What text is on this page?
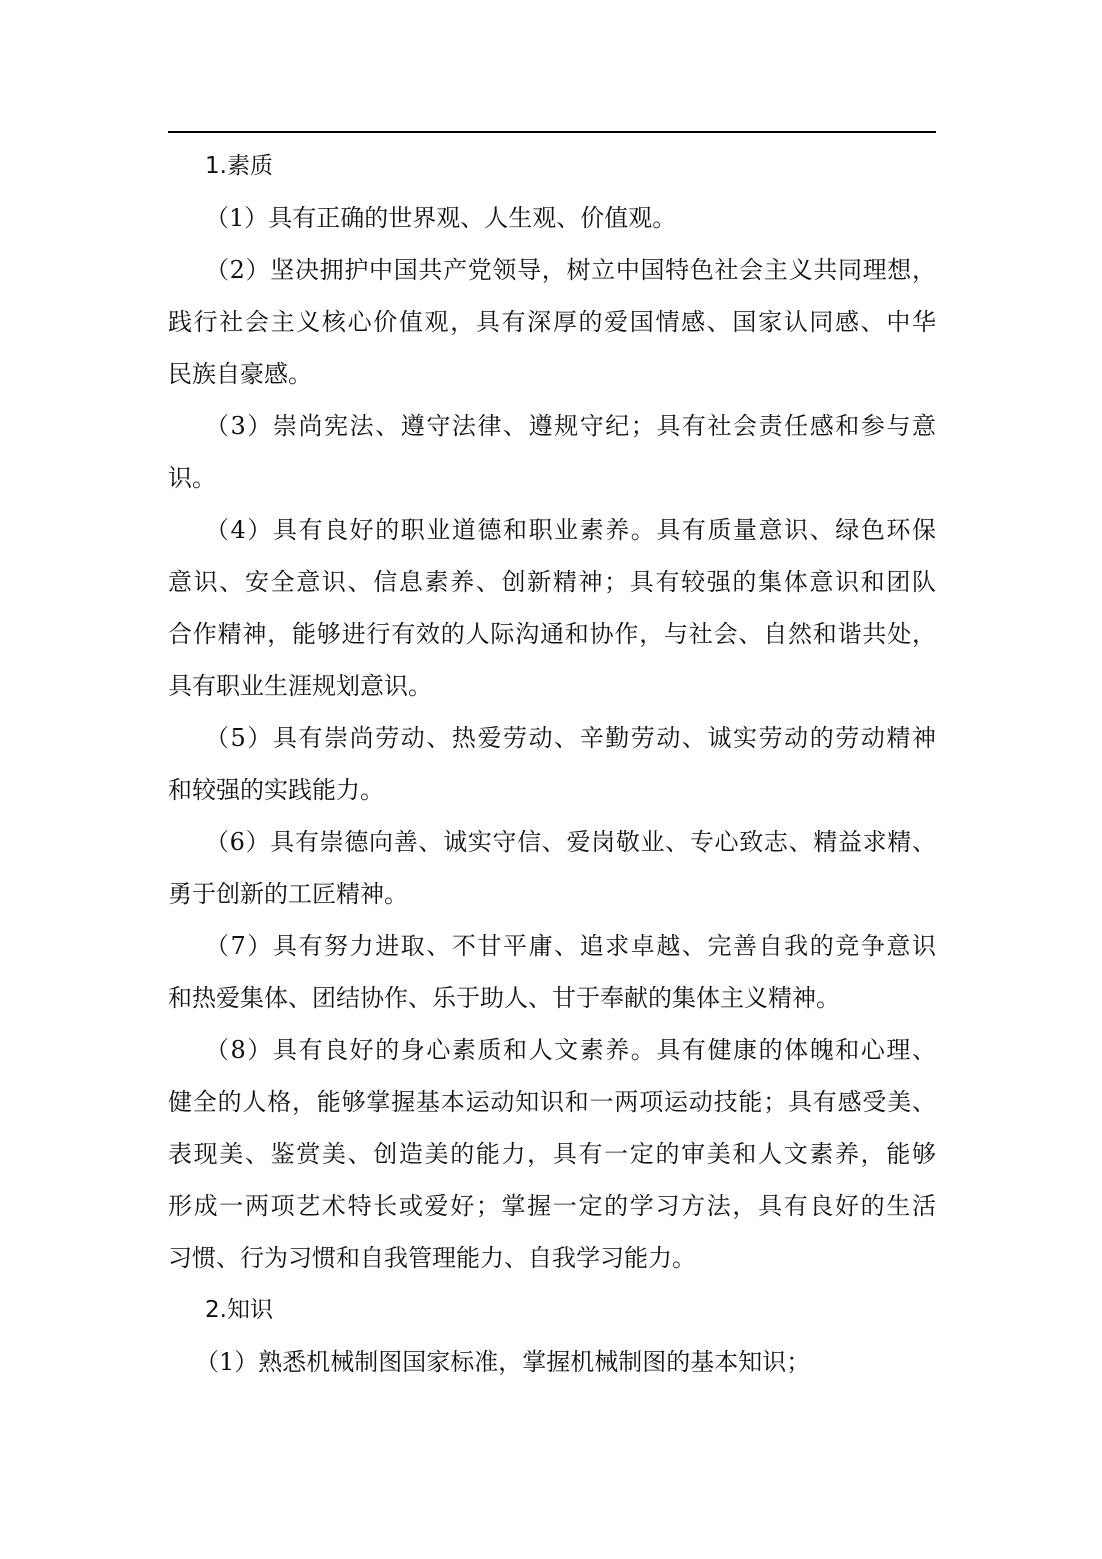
1.素质
（1）具有正确的世界观、人生观、价值观。
（2）坚决拥护中国共产党领导，树立中国特色社会主义共同理想，
践行社会主义核心价值观，具有深厚的爱国情感、国家认同感、中华
民族自豪感。
（3）崇尚宪法、遵守法律、遵规守纪；具有社会责任感和参与意
识。
（4）具有良好的职业道德和职业素养。具有质量意识、绿色环保
意识、安全意识、信息素养、创新精神；具有较强的集体意识和团队
合作精神，能够进行有效的人际沟通和协作，与社会、自然和谐共处，
具有职业生涯规划意识。
（5）具有崇尚劳动、热爱劳动、辛勤劳动、诚实劳动的劳动精神
和较强的实践能力。
（6）具有崇德向善、诚实守信、爱岗敬业、专心致志、精益求精、
勇于创新的工匠精神。
（7）具有努力进取、不甘平庸、追求卓越、完善自我的竞争意识
和热爱集体、团结协作、乐于助人、甘于奉献的集体主义精神。
（8）具有良好的身心素质和人文素养。具有健康的体魄和心理、
健全的人格，能够掌握基本运动知识和一两项运动技能；具有感受美、
表现美、鉴赏美、创造美的能力，具有一定的审美和人文素养，能够
形成一两项艺术特长或爱好；掌握一定的学习方法，具有良好的生活
习惯、行为习惯和自我管理能力、自我学习能力。
2.知识
（1）熟悉机械制图国家标准，掌握机械制图的基本知识；
